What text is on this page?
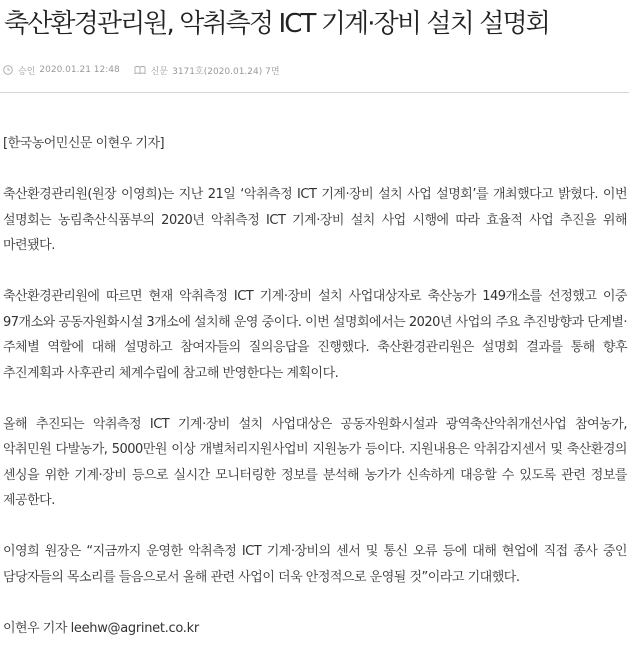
축산환경관리원, 악취측정 ICT 기계·장비 설치 설명회
승인 2020.01.21 12:48	신문 3171호(2020.01.24) 7면

[한국농어민신문 이현우 기자]

축산환경관리원(원장 이영희)는 지난 21일 ‘악취측정 ICT 기계·장비 설치 사업 설명회’를 개최했다고 밝혔다. 이번 설명회는 농림축산식품부의 2020년 악취측정 ICT 기계·장비 설치 사업 시행에 따라 효율적 사업 추진을 위해 마련됐다.

축산환경관리원에 따르면 현재 악취측정 ICT 기계·장비 설치 사업대상자로 축산농가 149개소를 선정했고 이중 97개소와 공동자원화시설 3개소에 설치해 운영 중이다. 이번 설명회에서는 2020년 사업의 주요 추진방향과 단계별·주체별 역할에 대해 설명하고 참여자들의 질의응답을 진행했다. 축산환경관리원은 설명회 결과를 통해 향후 추진계획과 사후관리 체계수립에 참고해 반영한다는 계획이다.

올해 추진되는 악취측정 ICT 기계·장비 설치 사업대상은 공동자원화시설과 광역축산악취개선사업 참여농가, 악취민원 다발농가, 5000만원 이상 개별처리지원사업비 지원농가 등이다. 지원내용은 악취감지센서 및 축산환경의 센싱을 위한 기계·장비 등으로 실시간 모니터링한 정보를 분석해 농가가 신속하게 대응할 수 있도록 관련 정보를 제공한다.

이영희 원장은 “지금까지 운영한 악취측정 ICT 기계·장비의 센서 및 통신 오류 등에 대해 현업에 직접 종사 중인 담당자들의 목소리를 들음으로서 올해 관련 사업이 더욱 안정적으로 운영될 것”이라고 기대했다.

이현우 기자 leehw@agrinet.co.kr
